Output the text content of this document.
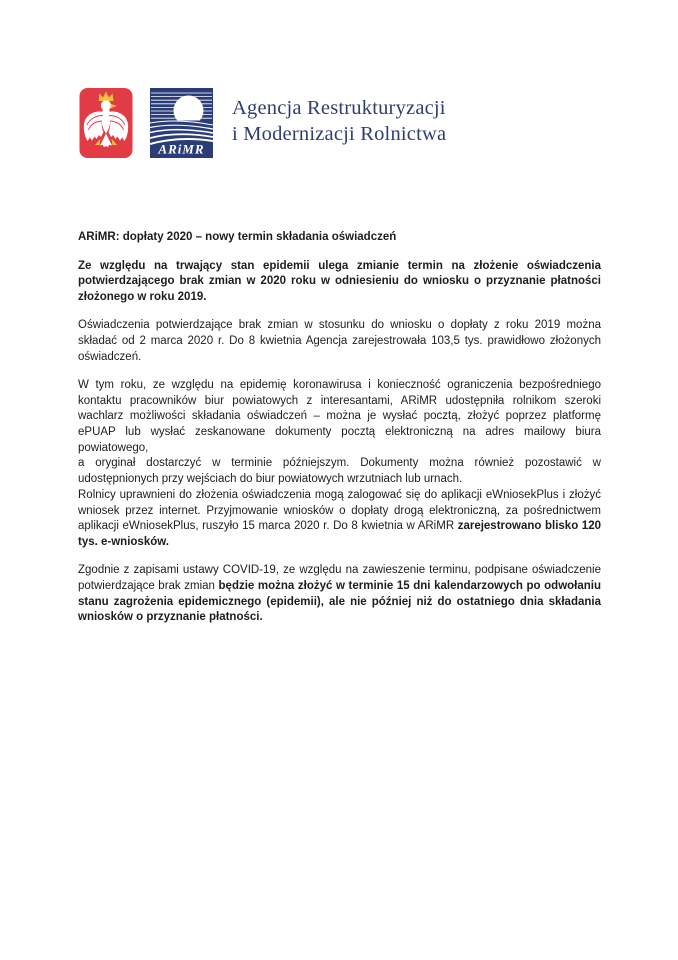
ARiMR
Agencja Restrukturyzacji
i Modernizacji Rolnictwa
ARiMR: dopłaty 2020 – nowy termin składania oświadczeń

Ze względu na trwający stan epidemii ulega zmianie termin na złożenie oświadczenia potwierdzającego brak zmian w 2020 roku w odniesieniu do wniosku o przyznanie płatności złożonego w roku 2019.

Oświadczenia potwierdzające brak zmian w stosunku do wniosku o dopłaty z roku 2019 można składać od 2 marca 2020 r. Do 8 kwietnia Agencja zarejestrowała 103,5 tys. prawidłowo złożonych oświadczeń.

W tym roku, ze względu na epidemię koronawirusa i konieczność ograniczenia bezpośredniego kontaktu pracowników biur powiatowych z interesantami, ARiMR udostępniła rolnikom szeroki wachlarz możliwości składania oświadczeń – można je wysłać pocztą, złożyć poprzez platformę ePUAP lub wysłać zeskanowane dokumenty pocztą elektroniczną na adres mailowy biura powiatowego,

a oryginał dostarczyć w terminie późniejszym. Dokumenty można również pozostawić w udostępnionych przy wejściach do biur powiatowych wrzutniach lub urnach.

Rolnicy uprawnieni do złożenia oświadczenia mogą zalogować się do aplikacji eWniosekPlus i złożyć wniosek przez internet. Przyjmowanie wniosków o dopłaty drogą elektroniczną, za pośrednictwem aplikacji eWniosekPlus, ruszyło 15 marca 2020 r. Do 8 kwietnia w ARiMR zarejestrowano blisko 120 tys. e-wniosków.

Zgodnie z zapisami ustawy COVID-19, ze względu na zawieszenie terminu, podpisane oświadczenie potwierdzające brak zmian będzie można złożyć w terminie 15 dni kalendarzowych po odwołaniu stanu zagrożenia epidemicznego (epidemii), ale nie później niż do ostatniego dnia składania wniosków o przyznanie płatności.
